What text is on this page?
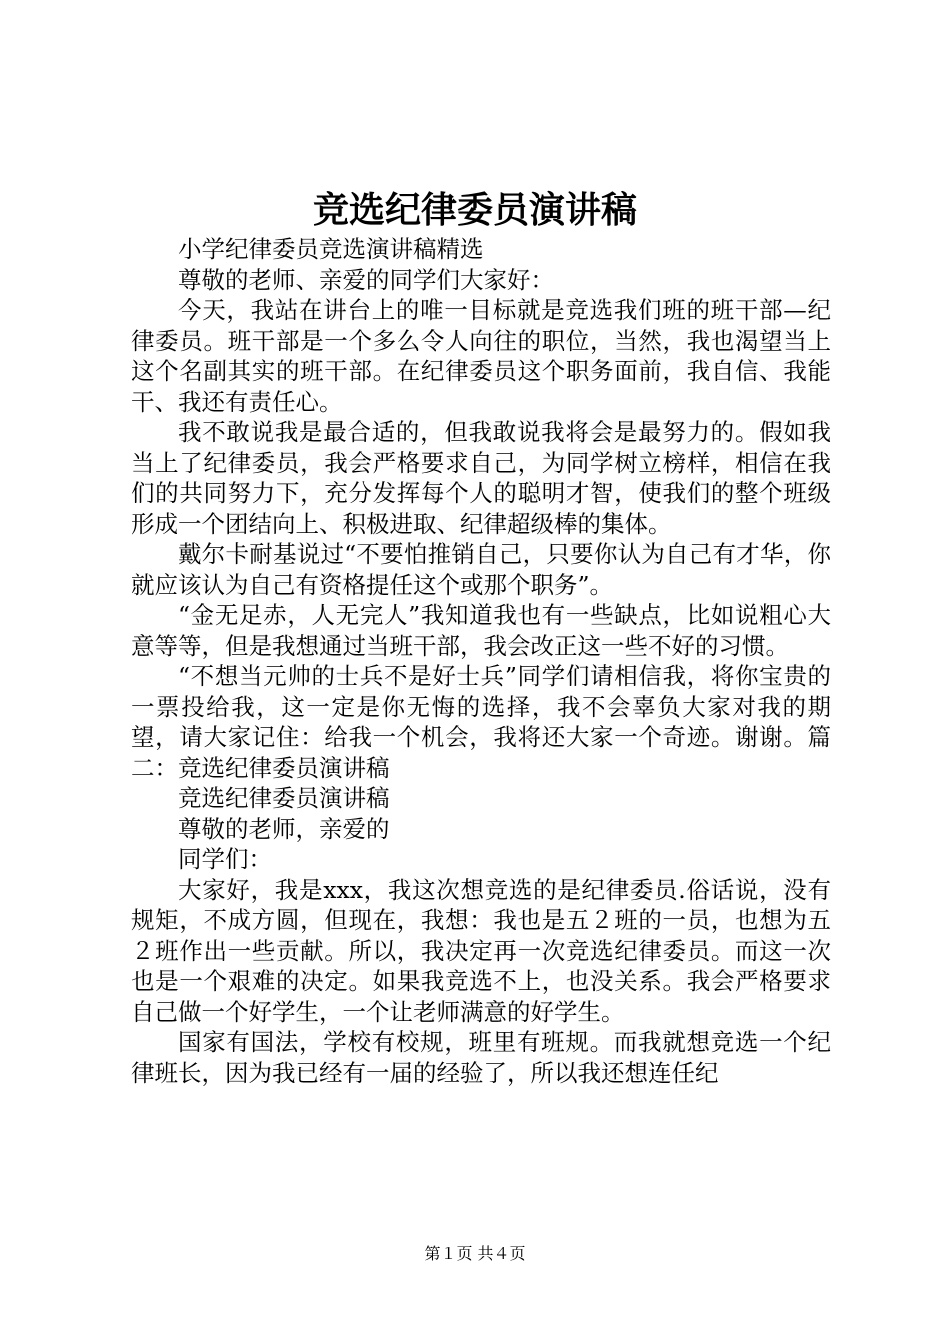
竞选纪律委员演讲稿

小学纪律委员竞选演讲稿精选

尊敬的老师、亲爱的同学们大家好：

今天，我站在讲台上的唯一目标就是竞选我们班的班干部—纪律委员。班干部是一个多么令人向往的职位，当然，我也渴望当上这个名副其实的班干部。在纪律委员这个职务面前，我自信、我能干、我还有责任心。

我不敢说我是最合适的，但我敢说我将会是最努力的。假如我当上了纪律委员，我会严格要求自己，为同学树立榜样，相信在我们的共同努力下，充分发挥每个人的聪明才智，使我们的整个班级形成一个团结向上、积极进取、纪律超级棒的集体。

戴尔卡耐基说过“不要怕推销自己，只要你认为自己有才华，你就应该认为自己有资格提任这个或那个职务”。

“金无足赤，人无完人”我知道我也有一些缺点，比如说粗心大意等等，但是我想通过当班干部，我会改正这一些不好的习惯。

“不想当元帅的士兵不是好士兵”同学们请相信我，将你宝贵的一票投给我，这一定是你无悔的选择，我不会辜负大家对我的期望，请大家记住：给我一个机会，我将还大家一个奇迹。谢谢。篇二：竞选纪律委员演讲稿

竞选纪律委员演讲稿

尊敬的老师，亲爱的

同学们：

大家好，我是xxx，我这次想竞选的是纪律委员.俗话说，没有规矩，不成方圆，但现在，我想：我也是五２班的一员，也想为五２班作出一些贡献。所以，我决定再一次竞选纪律委员。而这一次也是一个艰难的决定。如果我竞选不上，也没关系。我会严格要求自己做一个好学生，一个让老师满意的好学生。

国家有国法，学校有校规，班里有班规。而我就想竞选一个纪律班长，因为我已经有一届的经验了，所以我还想连任纪

第１页 共４页
